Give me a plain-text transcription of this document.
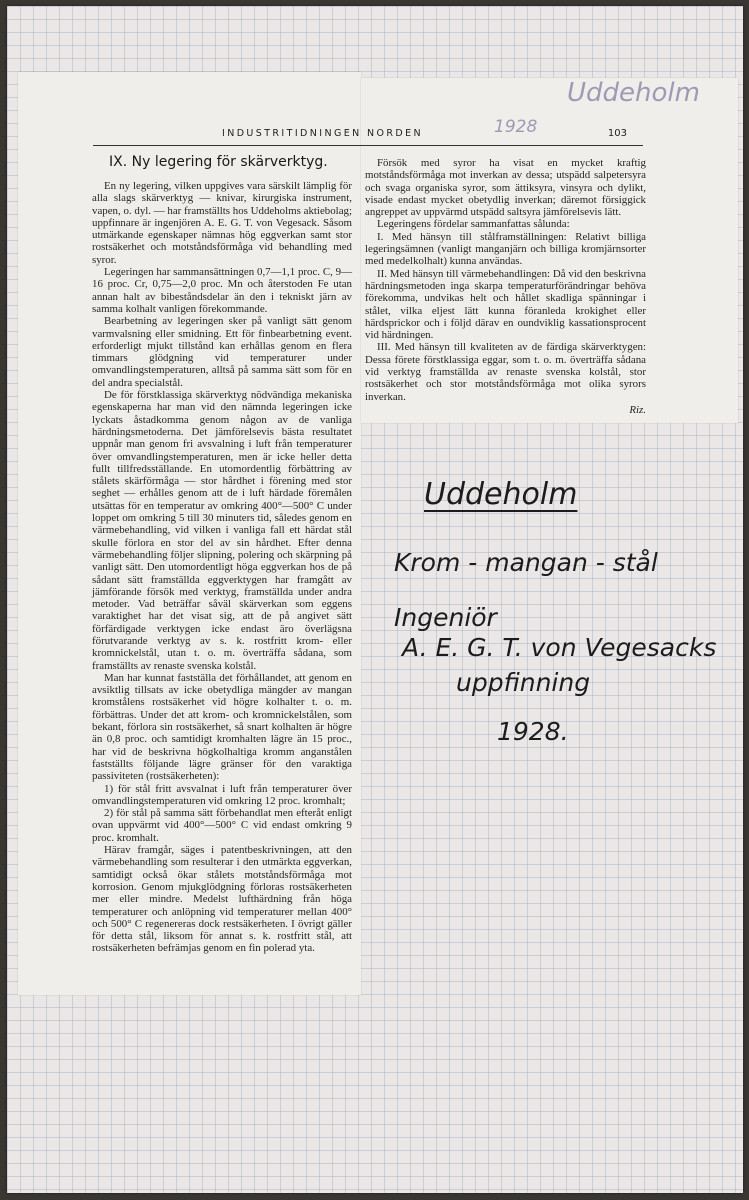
Uddeholm
1928
INDUSTRITIDNINGEN NORDEN	103
IX. Ny legering för skärverktyg.

En ny legering, vilken uppgives vara särskilt lämplig för alla slags skärverktyg — knivar, kirurgiska instrument, vapen, o. dyl. — har framställts hos Uddeholms aktiebolag; uppfinnare är ingenjören A. E. G. T. von Vegesack. Såsom utmärkande egenskaper nämnas hög eggverkan samt stor rostsäkerhet och motståndsförmåga vid behandling med syror.

Legeringen har sammansättningen 0,7—1,1 proc. C, 9—16 proc. Cr, 0,75—2,0 proc. Mn och återstoden Fe utan annan halt av bibeståndsdelar än den i tekniskt järn av samma kolhalt vanligen förekommande.

Bearbetning av legeringen sker på vanligt sätt genom varmvalsning eller smidning. Ett för finbearbetning event. erforderligt mjukt tillstånd kan erhållas genom en flera timmars glödgning vid temperaturer under omvandlingstemperaturen, alltså på samma sätt som för en del andra specialstål.

De för förstklassiga skärverktyg nödvändiga mekaniska egenskaperna har man vid den nämnda legeringen icke lyckats åstadkomma genom någon av de vanliga härdningsmetoderna. Det jämförelsevis bästa resultatet uppnår man genom fri avsvalning i luft från temperaturer över omvandlingstemperaturen, men är icke heller detta fullt tillfredsställande. En utomordentlig förbättring av stålets skärförmåga — stor hårdhet i förening med stor seghet — erhålles genom att de i luft härdade föremålen utsättas för en temperatur av omkring 400°—500° C under loppet om omkring 5 till 30 minuters tid, således genom en värmebehandling, vid vilken i vanliga fall ett härdat stål skulle förlora en stor del av sin hårdhet. Efter denna värmebehandling följer slipning, polering och skärpning på vanligt sätt. Den utomordentligt höga eggverkan hos de på sådant sätt framställda eggverktygen har framgått av jämförande försök med verktyg, framställda under andra metoder. Vad beträffar såväl skärverkan som eggens varaktighet har det visat sig, att de på angivet sätt förfärdigade verktygen icke endast äro överlägsna förutvarande verktyg av s. k. rostfritt krom- eller kromnickelstål, utan t. o. m. överträffa sådana, som framställts av renaste svenska kolstål.

Man har kunnat fastställa det förhållandet, att genom en avsiktlig tillsats av icke obetydliga mängder av mangan kromstålens rostsäkerhet vid högre kolhalter t. o. m. förbättras. Under det att krom- och kromnickelstålen, som bekant, förlora sin rostsäkerhet, så snart kolhalten är högre än 0,8 proc. och samtidigt kromhalten lägre än 15 proc., har vid de beskrivna högkolhaltiga kromm anganstålen fastställts följande lägre gränser för den varaktiga passiviteten (rostsäkerheten):

1) för stål fritt avsvalnat i luft från temperaturer över omvandlingstemperaturen vid omkring 12 proc. kromhalt;

2) för stål på samma sätt förbehandlat men efteråt enligt ovan uppvärmt vid 400°—500° C vid endast omkring 9 proc. kromhalt.

Härav framgår, säges i patentbeskrivningen, att den värmebehandling som resulterar i den utmärkta eggverkan, samtidigt också ökar stålets motståndsförmåga mot korrosion. Genom mjukglödgning förloras rostsäkerheten mer eller mindre. Medelst lufthärdning från höga temperaturer och anlöpning vid temperaturer mellan 400° och 500° C regenereras dock restsäkerheten. I övrigt gäller för detta stål, liksom för annat s. k. rostfritt stål, att rostsäkerheten befrämjas genom en fin polerad yta.

Försök med syror ha visat en mycket kraftig motståndsförmåga mot inverkan av dessa; utspädd salpetersyra och svaga organiska syror, som ättiksyra, vinsyra och dylikt, visade endast mycket obetydlig inverkan; däremot försiggick angreppet av uppvärmd utspädd saltsyra jämförelsevis lätt.

Legeringens fördelar sammanfattas sålunda:

I. Med hänsyn till stålframställningen: Relativt billiga legeringsämnen (vanligt manganjärn och billiga kromjärnsorter med medelkolhalt) kunna användas.

II. Med hänsyn till värmebehandlingen: Då vid den beskrivna härdningsmetoden inga skarpa temperaturförändringar behöva förekomma, undvikas helt och hållet skadliga spänningar i stålet, vilka eljest lätt kunna föranleda krokighet eller härdsprickor och i följd därav en oundviklig kassationsprocent vid härdningen.

III. Med hänsyn till kvaliteten av de färdiga skärverktygen: Dessa förete förstklassiga eggar, som t. o. m. överträffa sådana vid verktyg framställda av renaste svenska kolstål, stor rostsäkerhet och stor motståndsförmåga mot olika syrors inverkan.

Riz.
Uddeholm
Krom - mangan - stål
Ingeniör
A. E. G. T. von Vegesacks
uppfinning
1928.
